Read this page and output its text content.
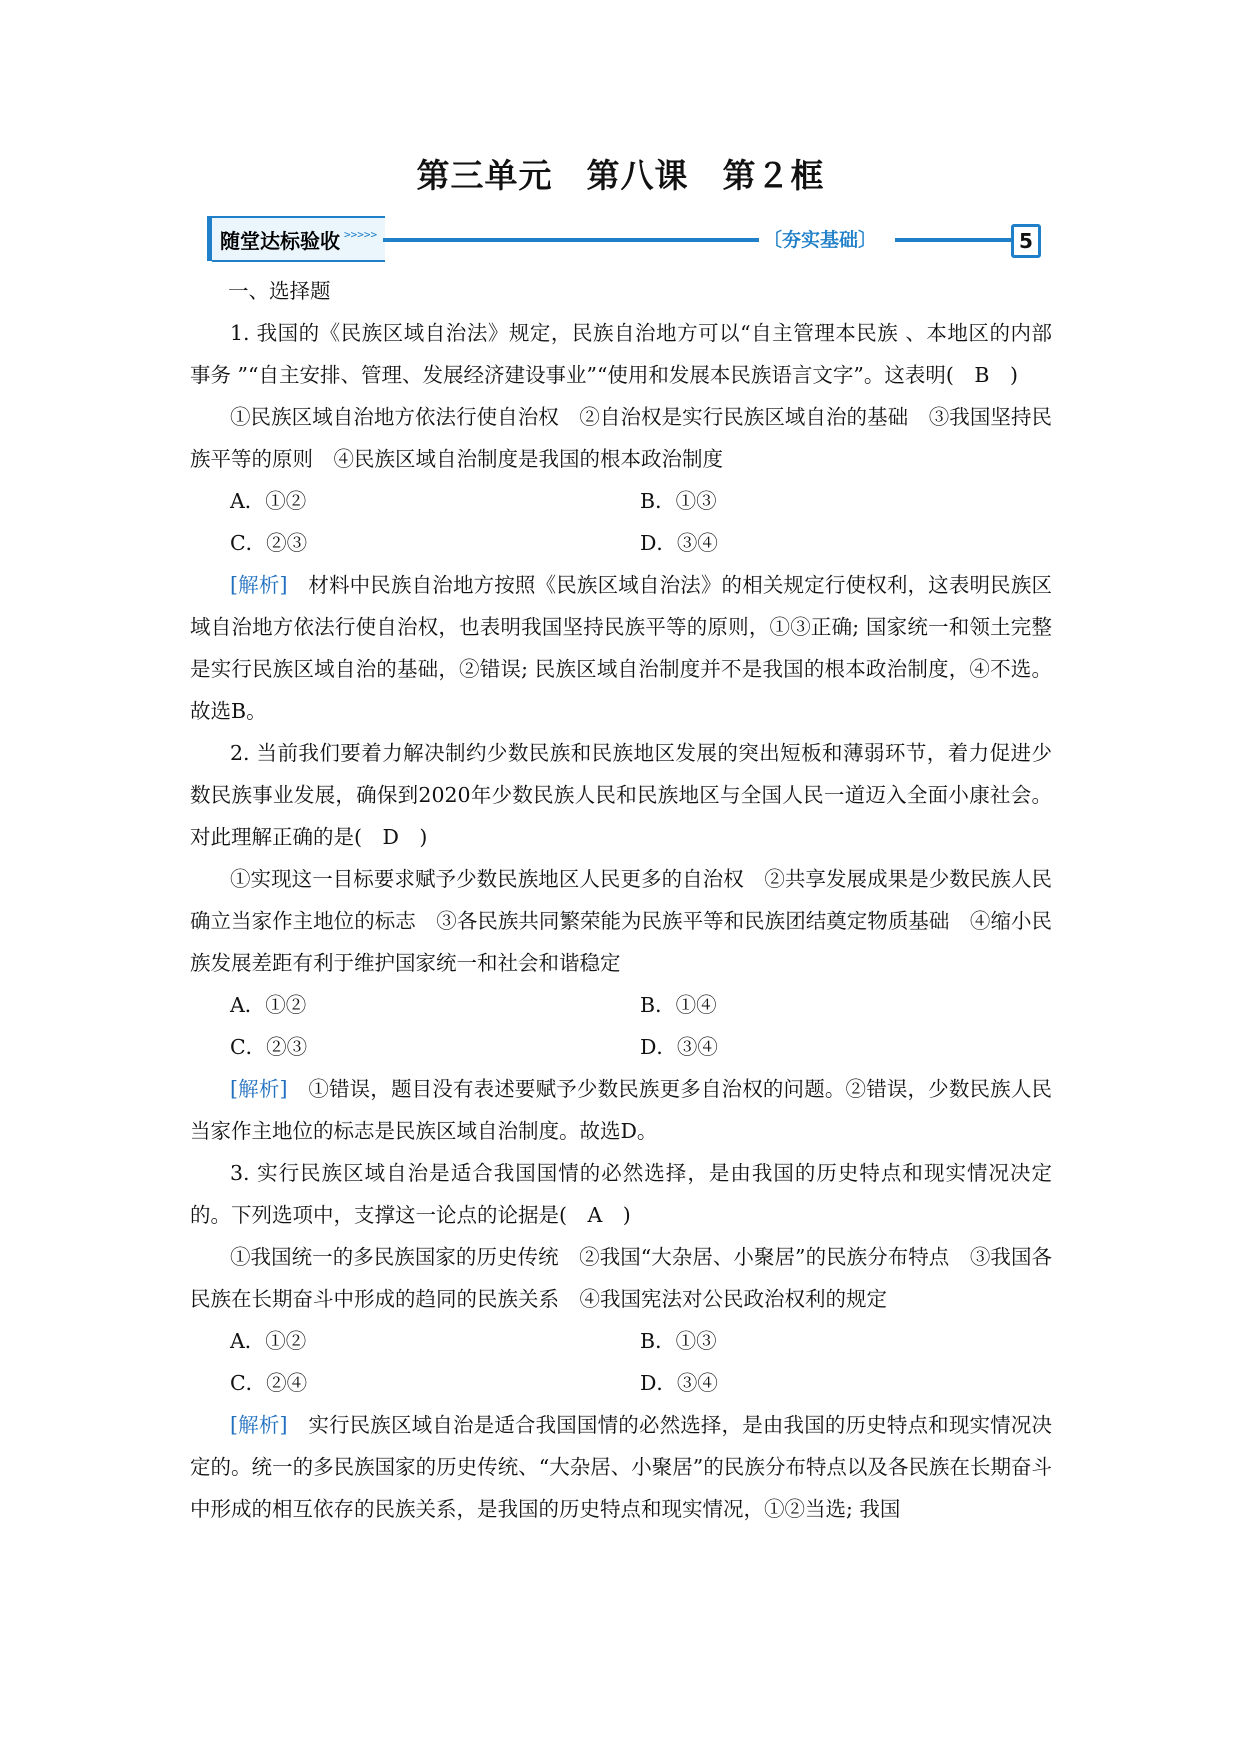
第三单元　第八课　第２框
随堂达标验收 >>>>>	〔夯实基础〕	5
一、选择题
1. 我国的《民族区域自治法》规定，民族自治地方可以“自主管理本民族 、本地区的内部事务 ”“自主安排、管理、发展经济建设事业”“使用和发展本民族语言文字”。这表明(　B　)
①民族区域自治地方依法行使自治权　②自治权是实行民族区域自治的基础　③我国坚持民族平等的原则　④民族区域自治制度是我国的根本政治制度
A．①②	B．①③
C．②③	D．③④
[解析]　 材料中民族自治地方按照《民族区域自治法》的相关规定行使权利，这表明民族区域自治地方依法行使自治权，也表明我国坚持民族平等的原则，①③正确; 国家统一和领土完整是实行民族区域自治的基础，②错误; 民族区域自治制度并不是我国的根本政治制度，④不选。故选B。
2. 当前我们要着力解决制约少数民族和民族地区发展的突出短板和薄弱环节，着力促进少数民族事业发展，确保到2020年少数民族人民和民族地区与全国人民一道迈入全面小康社会。对此理解正确的是(　D　)
①实现这一目标要求赋予少数民族地区人民更多的自治权　②共享发展成果是少数民族人民确立当家作主地位的标志　③各民族共同繁荣能为民族平等和民族团结奠定物质基础　④缩小民族发展差距有利于维护国家统一和社会和谐稳定
A．①②	B．①④
C．②③	D．③④
[解析]　 ①错误，题目没有表述要赋予少数民族更多自治权的问题。②错误，少数民族人民当家作主地位的标志是民族区域自治制度。故选D。
3. 实行民族区域自治是适合我国国情的必然选择，是由我国的历史特点和现实情况决定的。下列选项中，支撑这一论点的论据是(　A　)
①我国统一的多民族国家的历史传统　②我国“大杂居、小聚居”的民族分布特点　③我国各民族在长期奋斗中形成的趋同的民族关系　④我国宪法对公民政治权利的规定
A．①②	B．①③
C．②④	D．③④
[解析]　 实行民族区域自治是适合我国国情的必然选择，是由我国的历史特点和现实情况决定的。统一的多民族国家的历史传统、“大杂居、小聚居”的民族分布特点以及各民族在长期奋斗中形成的相互依存的民族关系，是我国的历史特点和现实情况，①②当选; 我国
